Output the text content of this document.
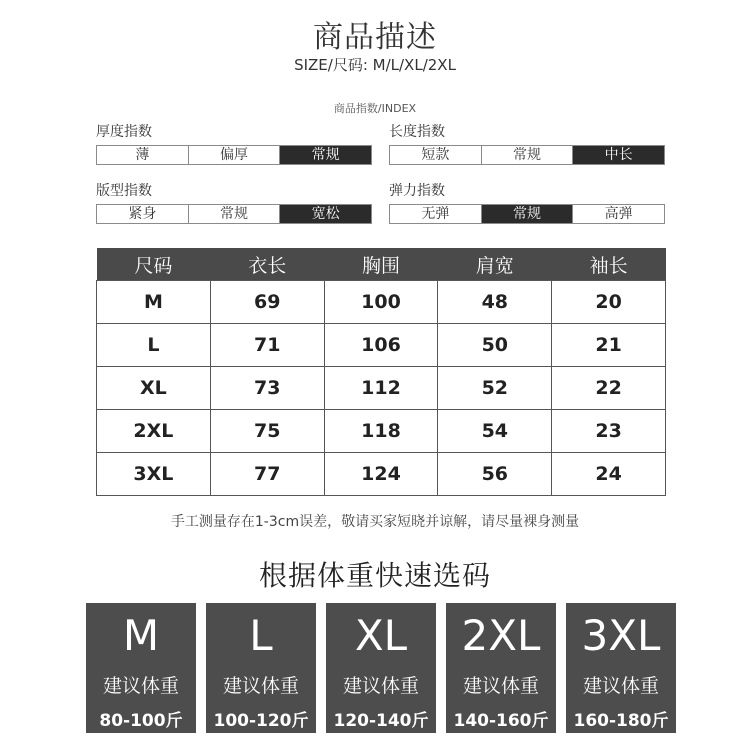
商品描述
SIZE/尺码: M/L/XL/2XL
商品指数/INDEX
厚度指数
薄	偏厚	常规
长度指数
短款	常规	中长
版型指数
紧身	常规	宽松
弹力指数
无弹	常规	高弹
尺码	衣长	胸围	肩宽	袖长
M	69	100	48	20
L	71	106	50	21
XL	73	112	52	22
2XL	75	118	54	23
3XL	77	124	56	24
手工测量存在1-3cm误差，敬请买家短晓并谅解，请尽量裸身测量
根据体重快速选码
M
建议体重
80-100斤
L
建议体重
100-120斤
XL
建议体重
120-140斤
2XL
建议体重
140-160斤
3XL
建议体重
160-180斤
